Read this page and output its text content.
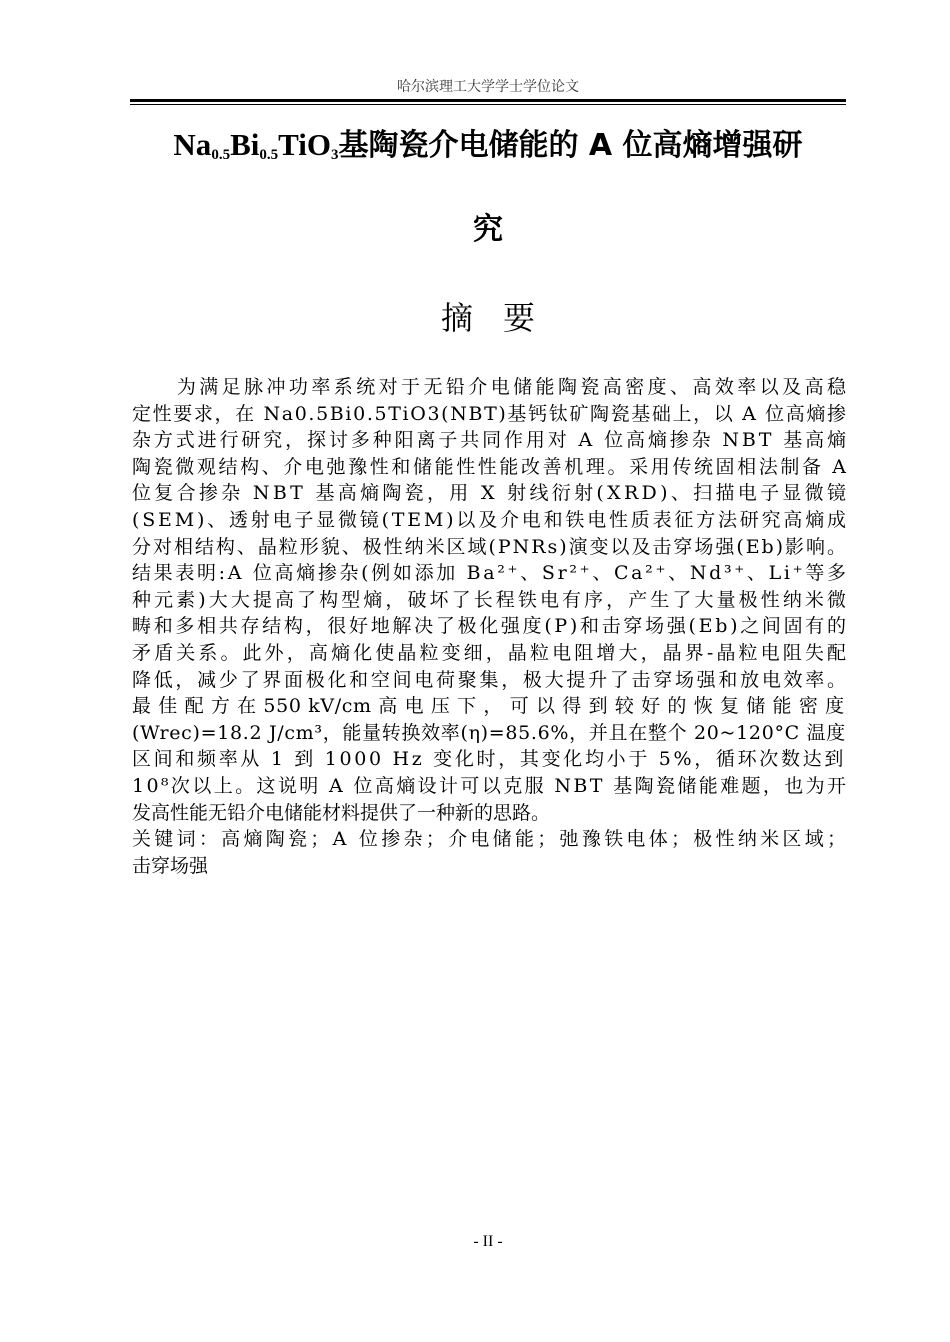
哈尔滨理工大学学士学位论文
$Na_{0.5}Bi_{0.5}TiO_3$基陶瓷介电储能的 A 位高熵增强研
究
摘要
　　为满足脉冲功率系统对于无铅介电储能陶瓷高密度、高效率以及高稳
定性要求，在 Na0.5Bi0.5TiO3(NBT)基钙钛矿陶瓷基础上，以 A 位高熵掺
杂方式进行研究，探讨多种阳离子共同作用对 A 位高熵掺杂 NBT 基高熵
陶瓷微观结构、介电弛豫性和储能性性能改善机理。采用传统固相法制备 A
位复合掺杂 NBT 基高熵陶瓷，用 X 射线衍射(XRD)、扫描电子显微镜
(SEM)、透射电子显微镜(TEM)以及介电和铁电性质表征方法研究高熵成
分对相结构、晶粒形貌、极性纳米区域(PNRs)演变以及击穿场强(Eb)影响。
结果表明:A 位高熵掺杂(例如添加 Ba²⁺、Sr²⁺、Ca²⁺、Nd³⁺、Li⁺等多
种元素)大大提高了构型熵，破坏了长程铁电有序，产生了大量极性纳米微
畴和多相共存结构，很好地解决了极化强度(P)和击穿场强(Eb)之间固有的
矛盾关系。此外，高熵化使晶粒变细，晶粒电阻增大，晶界-晶粒电阻失配
降低，减少了界面极化和空间电荷聚集，极大提升了击穿场强和放电效率。
最 佳 配 方 在 550 kV/cm 高 电 压 下 ， 可 以 得 到 较 好 的 恢 复 储 能 密 度
(Wrec)=18.2 J/cm³，能量转换效率(η)=85.6%，并且在整个 20~120°C 温度
区间和频率从 1 到 1000 Hz 变化时，其变化均小于 5%，循环次数达到
10⁸次以上。这说明 A 位高熵设计可以克服 NBT 基陶瓷储能难题，也为开
发高性能无铅介电储能材料提供了一种新的思路。
关键词：高熵陶瓷；A 位掺杂；介电储能；弛豫铁电体；极性纳米区域；
击穿场强
- II -
